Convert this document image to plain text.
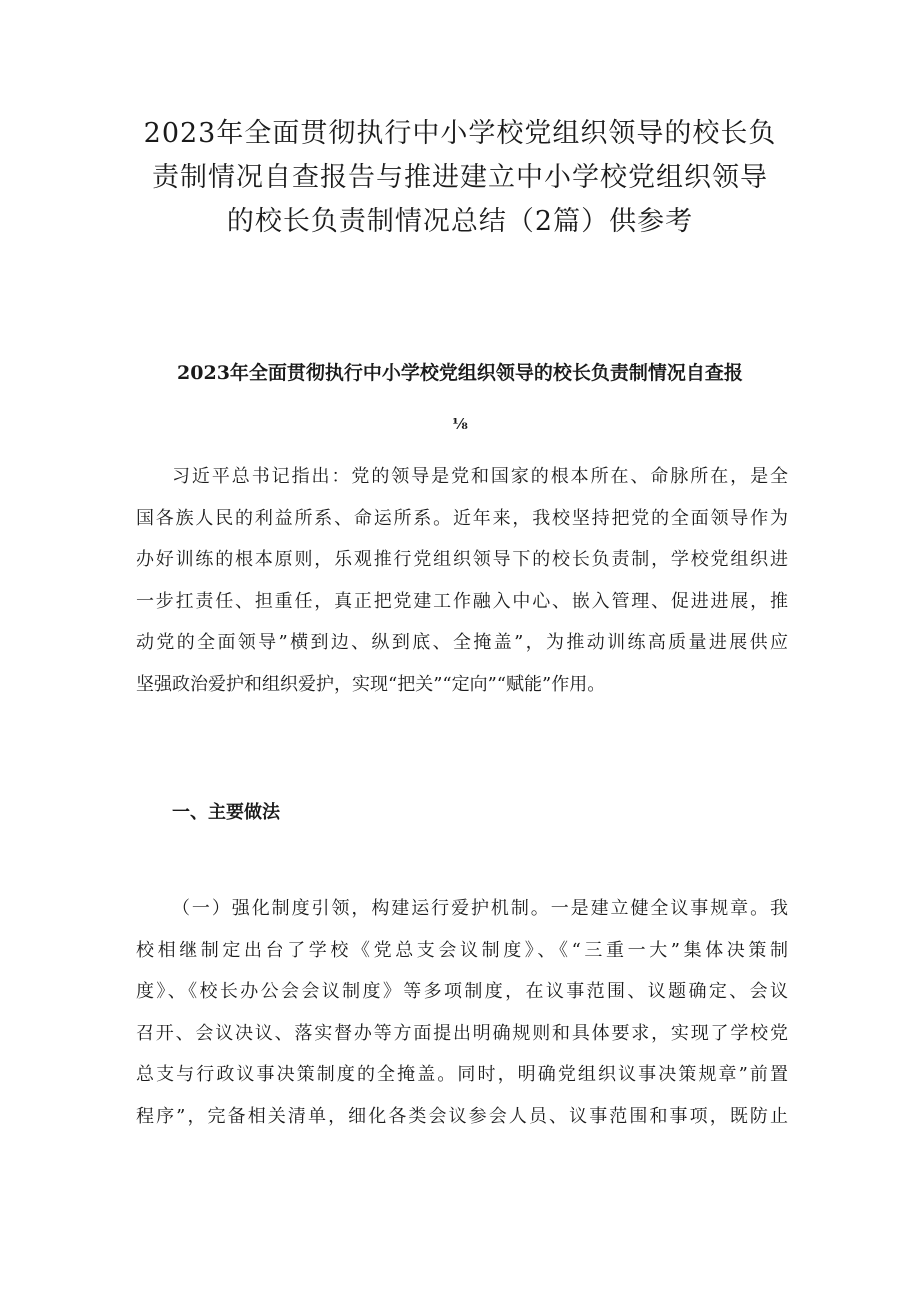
2023年全面贯彻执行中小学校党组织领导的校长负
责制情况自查报告与推进建立中小学校党组织领导
的校长负责制情况总结（2篇）供参考
2023年全面贯彻执行中小学校党组织领导的校长负责制情况自查报
⅛
习近平总书记指出：党的领导是党和国家的根本所在、命脉所在，是全
国各族人民的利益所系、命运所系。近年来，我校坚持把党的全面领导作为
办好训练的根本原则，乐观推行党组织领导下的校长负责制，学校党组织进
一步扛责任、担重任，真正把党建工作融入中心、嵌入管理、促进进展，推
动党的全面领导”横到边、纵到底、全掩盖”，为推动训练高质量进展供应
坚强政治爱护和组织爱护，实现“把关”“定向”“赋能”作用。
一、主要做法
（一）强化制度引领，构建运行爱护机制。一是建立健全议事规章。我
校相继制定出台了学校《党总支会议制度》、《“三重一大”集体决策制
度》、《校长办公会会议制度》等多项制度，在议事范围、议题确定、会议
召开、会议决议、落实督办等方面提出明确规则和具体要求，实现了学校党
总支与行政议事决策制度的全掩盖。同时，明确党组织议事决策规章”前置
程序”，完备相关清单，细化各类会议参会人员、议事范围和事项，既防止
